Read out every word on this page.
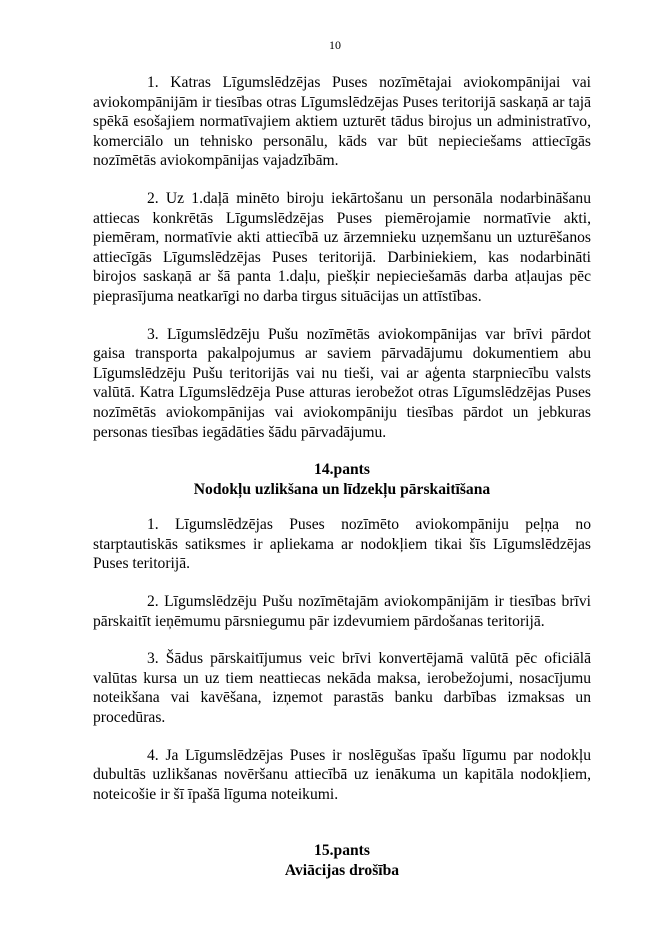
10

1. Katras Līgumslēdzējas Puses nozīmētajai aviokompānijai vai aviokompānijām ir tiesības otras Līgumslēdzējas Puses teritorijā saskaņā ar tajā spēkā esošajiem normatīvajiem aktiem uzturēt tādus birojus un administratīvo, komerciālo un tehnisko personālu, kāds var būt nepieciešams attiecīgās nozīmētās aviokompānijas vajadzībām.

2. Uz 1.daļā minēto biroju iekārtošanu un personāla nodarbināšanu attiecas konkrētās Līgumslēdzējas Puses piemērojamie normatīvie akti, piemēram, normatīvie akti attiecībā uz ārzemnieku uzņemšanu un uzturēšanos attiecīgās Līgumslēdzējas Puses teritorijā. Darbiniekiem, kas nodarbināti birojos saskaņā ar šā panta 1.daļu, piešķir nepieciešamās darba atļaujas pēc pieprasījuma neatkarīgi no darba tirgus situācijas un attīstības.

3. Līgumslēdzēju Pušu nozīmētās aviokompānijas var brīvi pārdot gaisa transporta pakalpojumus ar saviem pārvadājumu dokumentiem abu Līgumslēdzēju Pušu teritorijās vai nu tieši, vai ar aģenta starpniecību valsts valūtā. Katra Līgumslēdzēja Puse atturas ierobežot otras Līgumslēdzējas Puses nozīmētās aviokompānijas vai aviokompāniju tiesības pārdot un jebkuras personas tiesības iegādāties šādu pārvadājumu.

14.pants

Nodokļu uzlikšana un līdzekļu pārskaitīšana

1. Līgumslēdzējas Puses nozīmēto aviokompāniju peļņa no starptautiskās satiksmes ir apliekama ar nodokļiem tikai šīs Līgumslēdzējas Puses teritorijā.

2. Līgumslēdzēju Pušu nozīmētajām aviokompānijām ir tiesības brīvi pārskaitīt ieņēmumu pārsniegumu pār izdevumiem pārdošanas teritorijā.

3. Šādus pārskaitījumus veic brīvi konvertējamā valūtā pēc oficiālā valūtas kursa un uz tiem neattiecas nekāda maksa, ierobežojumi, nosacījumu noteikšana vai kavēšana, izņemot parastās banku darbības izmaksas un procedūras.

4. Ja Līgumslēdzējas Puses ir noslēgušas īpašu līgumu par nodokļu dubultās uzlikšanas novēršanu attiecībā uz ienākuma un kapitāla nodokļiem, noteicošie ir šī īpašā līguma noteikumi.

15.pants

Aviācijas drošība
